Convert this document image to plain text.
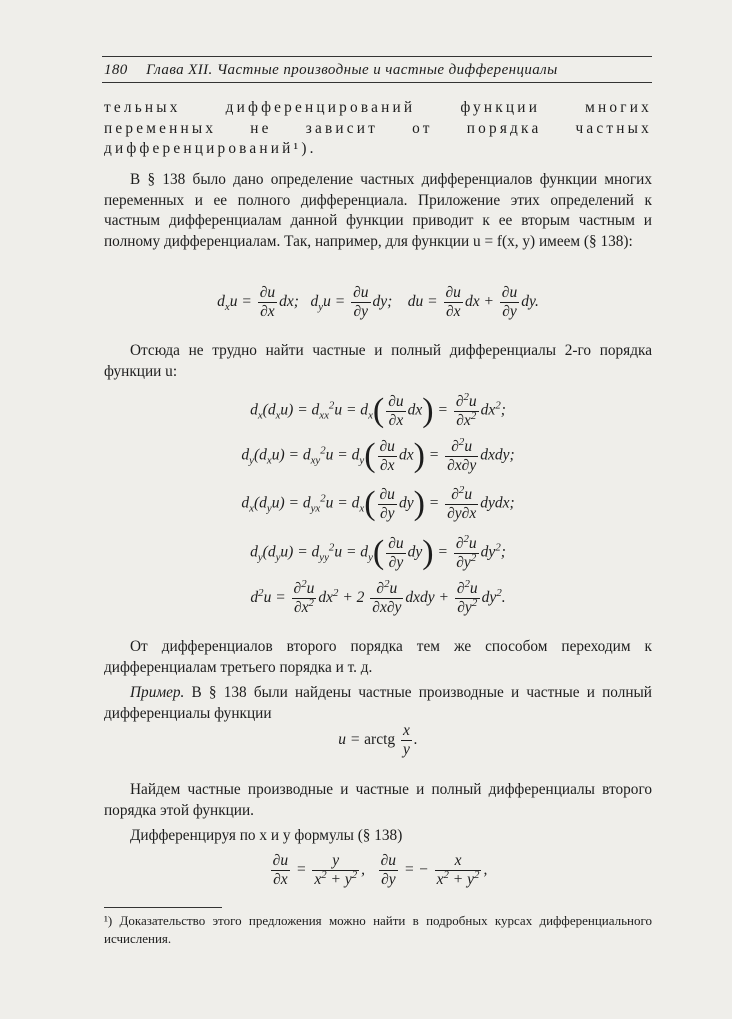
180 Глава XII. Частные производные и частные дифференциалы
тельных дифференцирований функции многих переменных не зависит от порядка частных дифференцирований¹).
В § 138 было дано определение частных дифференциалов функции многих переменных и ее полного дифференциала. Приложение этих определений к частным дифференциалам данной функции приводит к ее вторым частным и полному дифференциалам. Так, например, для функции u = f(x, y) имеем (§ 138):
$d_xu = \frac{\partial u}{\partial x}$ dx;   $d_yu = \frac{\partial u}{\partial y}$ dy;    du = $\frac{\partial u}{\partial x}$ dx + $\frac{\partial u}{\partial y}$ dy.
Отсюда не трудно найти частные и полный дифференциалы 2-го порядка функции u:
$d_x(d_xu) = d_{xx}^2u = d_x( \frac{\partial u}{\partial x} dx) = \frac{\partial^2u}{\partial x^2} dx^2$;
$d_y(d_xu) = d_{xy}^2u = d_y( \frac{\partial u}{\partial x} dx) = \frac{\partial^2u}{\partial x\partial y}$ dxdy;
$d_x(d_yu) = d_{yx}^2u = d_x( \frac{\partial u}{\partial y} dy) = \frac{\partial^2u}{\partial y\partial x}$ dydx;
$d_y(d_yu) = d_{yy}^2u = d_y( \frac{\partial u}{\partial y} dy) = \frac{\partial^2u}{\partial y^2} dy^2$;
$d^2u = \frac{\partial^2u}{\partial x^2} dx^2 + 2 \frac{\partial^2u}{\partial x\partial y}$ dxdy + $\frac{\partial^2u}{\partial y^2} dy^2$.
От дифференциалов второго порядка тем же способом переходим к дифференциалам третьего порядка и т. д.
Пример. В § 138 были найдены частные производные и частные и полный дифференциалы функции
u = arctg $\frac{x}{y}$ .
Найдем частные производные и частные и полный дифференциалы второго порядка этой функции.
Дифференцируя по x и y формулы (§ 138)
$\frac{\partial u}{\partial x} = \frac{y}{x^2 + y^2}$ , $\frac{\partial u}{\partial y}$ = − $\frac{x}{x^2 + y^2}$ ,
¹) Доказательство этого предложения можно найти в подробных курсах дифференциального исчисления.
